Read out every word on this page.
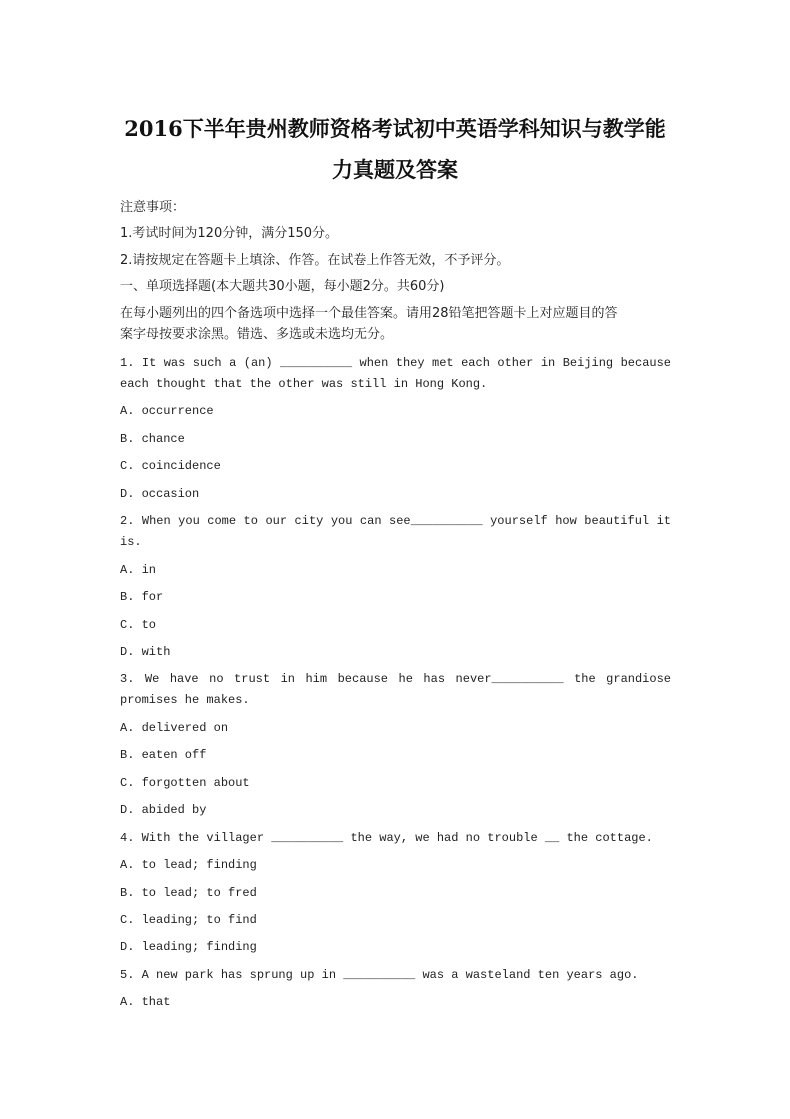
2016下半年贵州教师资格考试初中英语学科知识与教学能
力真题及答案

注意事项：

1.考试时间为120分钟，满分150分。

2.请按规定在答题卡上填涂、作答。在试卷上作答无效，不予评分。

一、单项选择题(本大题共30小题，每小题2分。共60分)

在每小题列出的四个备选项中选择一个最佳答案。请用28铅笔把答题卡上对应题目的答

案字母按要求涂黑。错选、多选或未选均无分。

1. It was such a (an) __________ when they met each other in Beijing because

each thought that the other was still in Hong Kong.

A. occurrence

B. chance

C. coincidence

D. occasion

2. When you come to our city you can see__________ yourself how beautiful it

is.

A. in

B. for

C. to

D. with

3. We have no trust in him because he has never__________ the grandiose

promises he makes.

A. delivered on

B. eaten off

C. forgotten about

D. abided by

4. With the villager __________ the way, we had no trouble __ the cottage.

A. to lead; finding

B. to lead; to fred

C. leading; to find

D. leading; finding

5. A new park has sprung up in __________ was a wasteland ten years ago.

A. that
